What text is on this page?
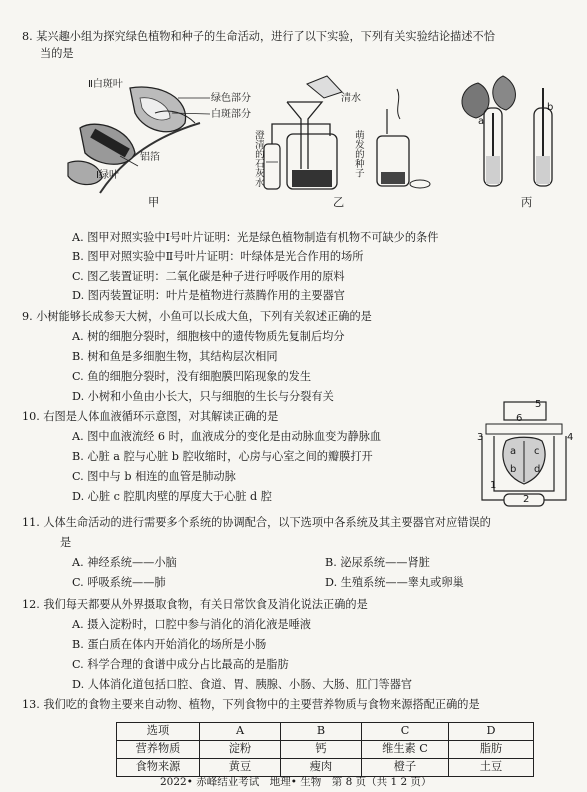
8. 某兴趣小组为探究绿色植物和种子的生命活动，进行了以下实验，下列有关实验结论描述不恰
当的是
Ⅱ白斑叶
绿色部分
白斑部分
铝箔
Ⅰ绿叶
甲
清水
澄清的石灰水	萌发的种子
乙
a
b
丙
A. 图甲对照实验中Ⅰ号叶片证明：光是绿色植物制造有机物不可缺少的条件
B. 图甲对照实验中Ⅱ号叶片证明：叶绿体是光合作用的场所
C. 图乙装置证明：二氧化碳是种子进行呼吸作用的原料
D. 图丙装置证明：叶片是植物进行蒸腾作用的主要器官
9. 小树能够长成参天大树，小鱼可以长成大鱼，下列有关叙述正确的是
A. 树的细胞分裂时，细胞核中的遗传物质先复制后均分
B. 树和鱼是多细胞生物，其结构层次相同
C. 鱼的细胞分裂时，没有细胞膜凹陷现象的发生
D. 小树和小鱼由小长大，只与细胞的生长与分裂有关
10. 右图是人体血液循环示意图，对其解读正确的是
A. 图中血液流经 6 时，血液成分的变化是由动脉血变为静脉血
B. 心脏 a 腔与心脏 b 腔收缩时，心房与心室之间的瓣膜打开
C. 图中与 b 相连的血管是肺动脉
D. 心脏 c 腔肌肉壁的厚度大于心脏 d 腔
5
6
3	4
a c
b d
1
2
11. 人体生命活动的进行需要多个系统的协调配合，以下选项中各系统及其主要器官对应错误的
是
A. 神经系统——小脑	B. 泌尿系统——肾脏
C. 呼吸系统——肺	D. 生殖系统——睾丸或卵巢
12. 我们每天都要从外界摄取食物，有关日常饮食及消化说法正确的是
A. 摄入淀粉时，口腔中参与消化的消化液是唾液
B. 蛋白质在体内开始消化的场所是小肠
C. 科学合理的食谱中成分占比最高的是脂肪
D. 人体消化道包括口腔、食道、胃、胰腺、小肠、大肠、肛门等器官
13. 我们吃的食物主要来自动物、植物，下列食物中的主要营养物质与食物来源搭配正确的是
选项	A	B	C	D
营养物质	淀粉	钙	维生素 C	脂肪
食物来源	黄豆	瘦肉	橙子	土豆
2022• 赤峰结业考试　地理• 生物　第 8 页（共 1 2 页）
